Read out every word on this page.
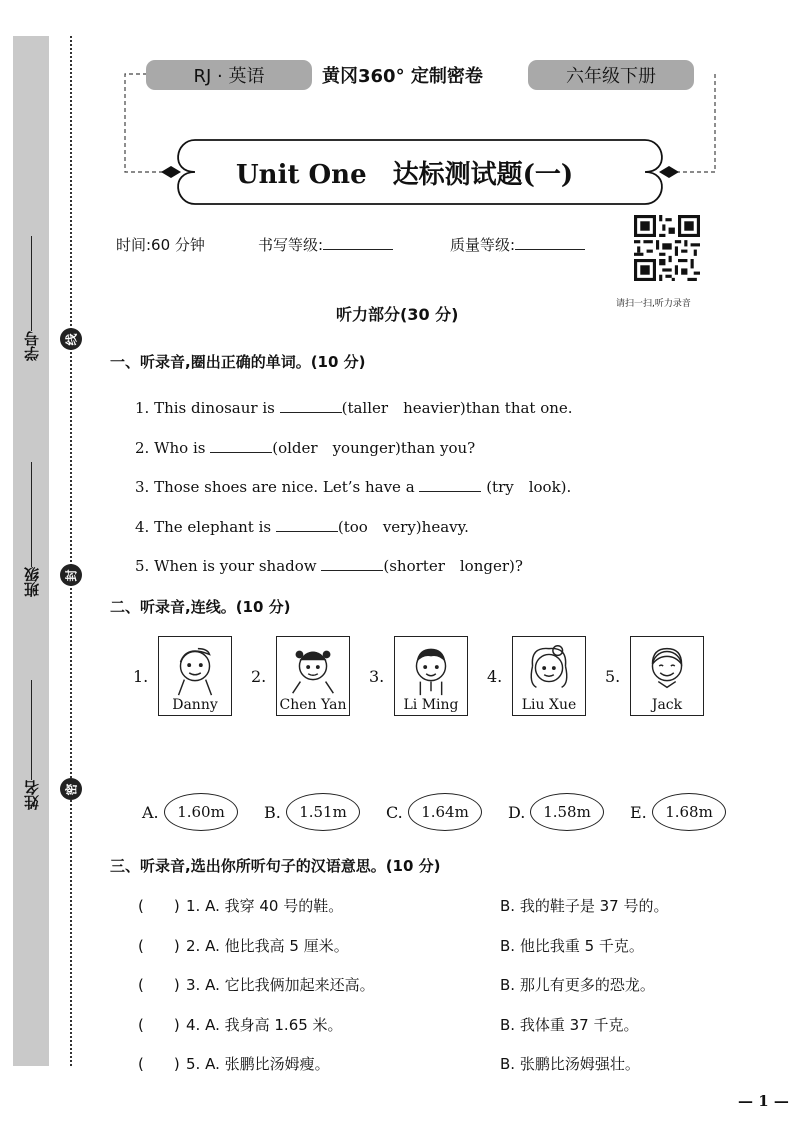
学号
班级
姓名
线
封
密
RJ · 英语	黄冈360° 定制密卷	六年级下册
Unit One　达标测试题(一)
时间:60 分钟	书写等级:	质量等级:
请扫一扫,听力录音
听力部分(30 分)
一、听录音,圈出正确的单词。(10 分)
1. This dinosaur is	(taller　heavier)than that one.
2. Who is	(older　younger)than you?
3. Those shoes are nice. Let’s have a	(try　look).
4. The elephant is	(too　very)heavy.
5. When is your shadow	(shorter　longer)?
二、听录音,连线。(10 分)
1.
Danny
2.
Chen Yan
3.
Li Ming
4.
Liu Xue
5.
Jack
A.	1.60m	B.	1.51m	C.	1.64m	D.	1.58m	E.	1.68m
三、听录音,选出你所听句子的汉语意思。(10 分)
(　　) 1. A. 我穿 40 号的鞋。	B. 我的鞋子是 37 号的。
(　　) 2. A. 他比我高 5 厘米。	B. 他比我重 5 千克。
(　　) 3. A. 它比我俩加起来还高。	B. 那儿有更多的恐龙。
(　　) 4. A. 我身高 1.65 米。	B. 我体重 37 千克。
(　　) 5. A. 张鹏比汤姆瘦。	B. 张鹏比汤姆强壮。
— 1 —
